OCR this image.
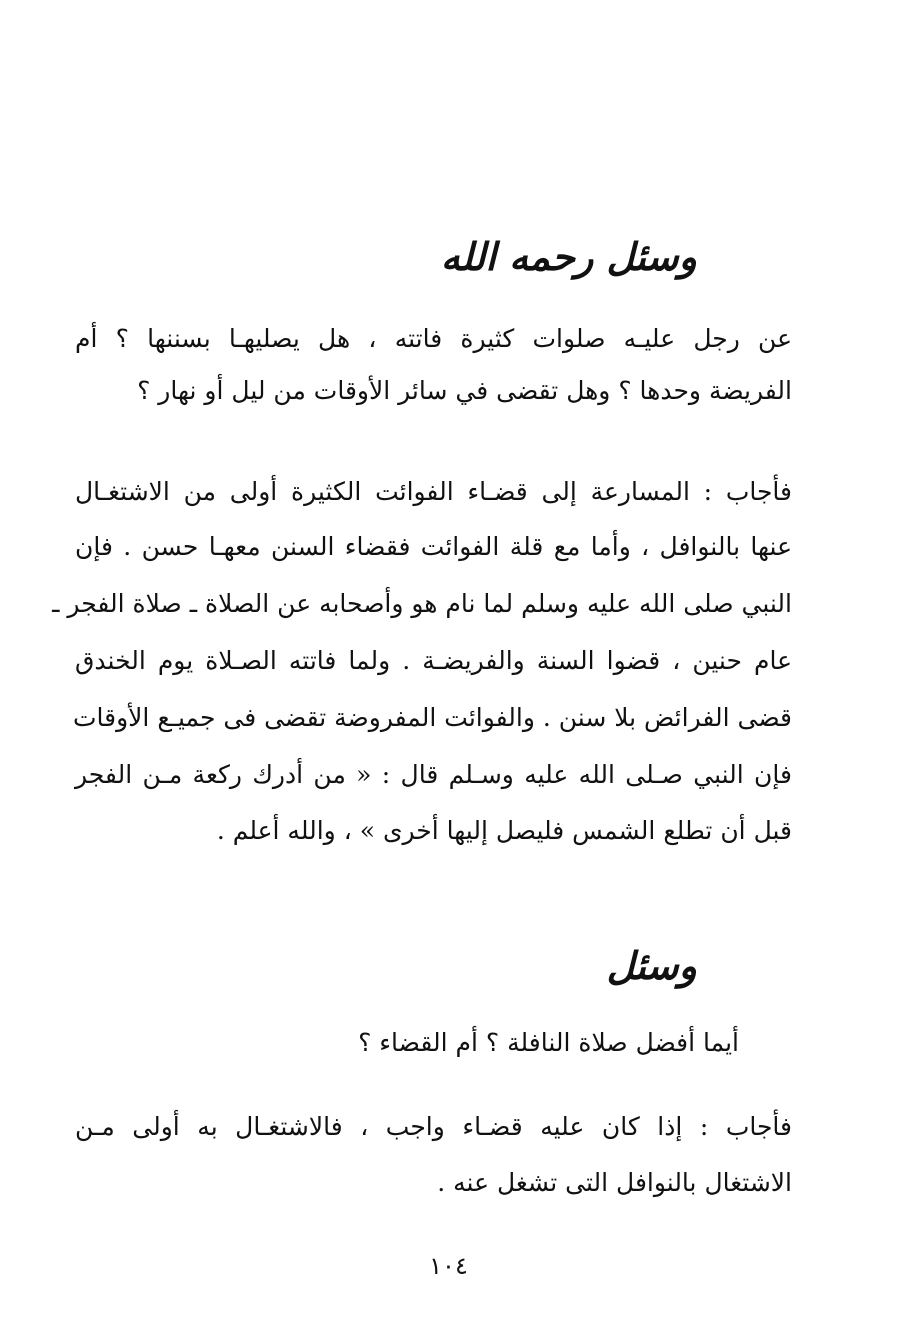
وسئل رحمه الله
عن رجل عليـه صلوات كثيرة فاتته ، هل يصليهـا بسننها ؟ أم
الفريضة وحدها ؟ وهل تقضى في سائر الأوقات من ليل أو نهار ؟
فأجاب : المسارعة إلى قضـاء الفوائت الكثيرة أولى من الاشتغـال
عنها بالنوافل ، وأما مع قلة الفوائت فقضاء السنن معهـا حسن . فإن
النبي صلى الله عليه وسلم لما نام هو وأصحابه عن الصلاة ـ صلاة الفجر ـ
عام حنين ، قضوا السنة والفريضـة . ولما فاتته الصـلاة يوم الخندق
قضى الفرائض بلا سنن . والفوائت المفروضة تقضى فى جميـع الأوقات
فإن النبي صـلى الله عليه وسـلم قال : « من أدرك ركعة مـن الفجر
قبل أن تطلع الشمس فليصل إليها أخرى » ، والله أعلم .
وسئل
أيما أفضل صلاة النافلة ؟ أم القضاء ؟
فأجاب : إذا كان عليه قضـاء واجب ، فالاشتغـال به أولى مـن
الاشتغال بالنوافل التى تشغل عنه .
١٠٤
